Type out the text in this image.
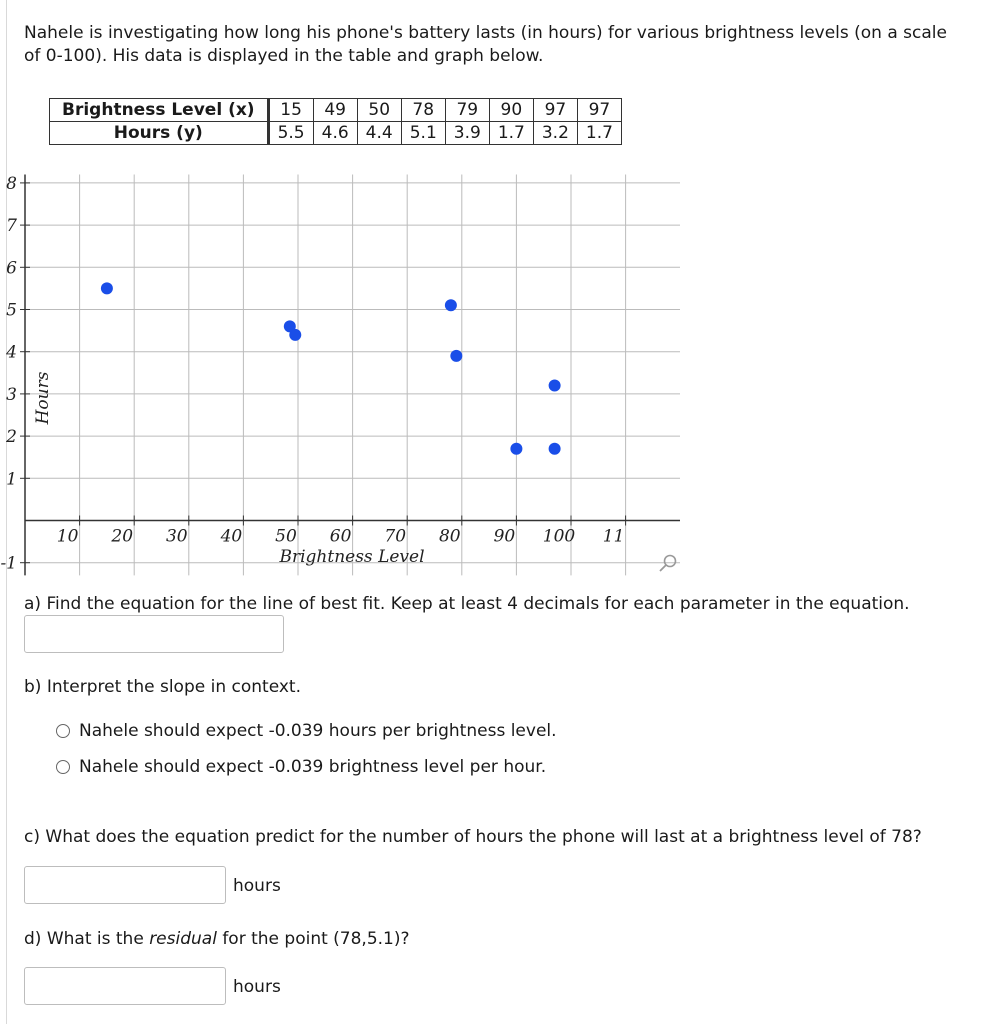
Nahele is investigating how long his phone's battery lasts (in hours) for various brightness levels (on a scale of 0-100). His data is displayed in the table and graph below.
Brightness Level (x)	15	49	50	78	79	90	97	97
Hours (y)	5.5	4.6	4.4	5.1	3.9	1.7	3.2	1.7
10 20 30 40 50 60 70 80 90 100 11
8
7
6
5
4
3
2
1
-1	Brightness Level
Hours
a) Find the equation for the line of best fit. Keep at least 4 decimals for each parameter in the equation.
b) Interpret the slope in context.
Nahele should expect -0.039 hours per brightness level.
Nahele should expect -0.039 brightness level per hour.
c) What does the equation predict for the number of hours the phone will last at a brightness level of 78?
hours
d) What is the residual for the point (78,5.1)?
hours
